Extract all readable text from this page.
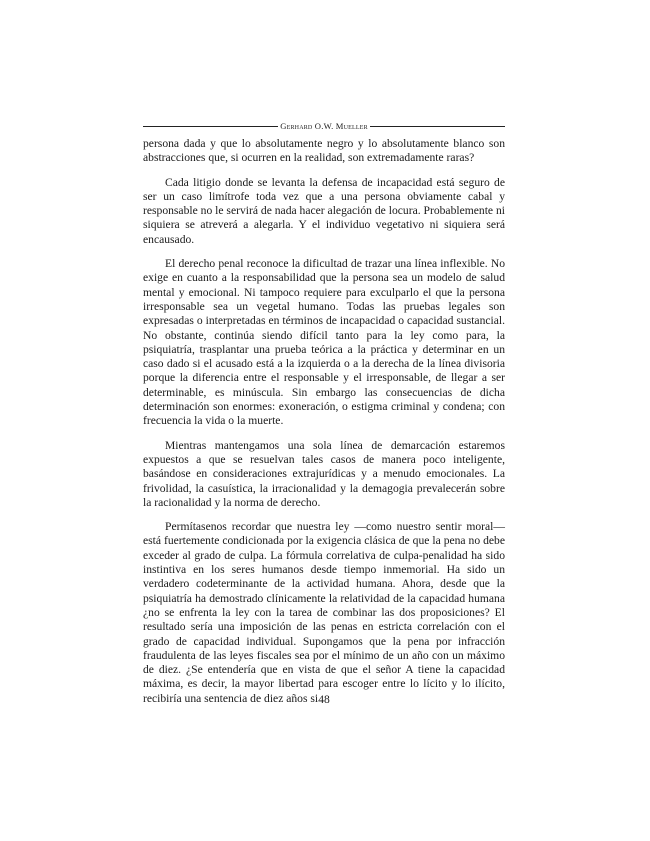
Gerhard O.W. Mueller

persona dada y que lo absolutamente negro y lo absolutamente blanco son abstracciones que, si ocurren en la realidad, son extremadamente raras?

Cada litigio donde se levanta la defensa de incapacidad está seguro de ser un caso limítrofe toda vez que a una persona obviamente cabal y responsable no le servirá de nada hacer alegación de locura. Probablemente ni siquiera se atreverá a alegarla. Y el individuo vegetativo ni siquiera será encausado.

El derecho penal reconoce la dificultad de trazar una línea inflexible. No exige en cuanto a la responsabilidad que la persona sea un modelo de salud mental y emocional. Ni tampoco requiere para exculparlo el que la persona irresponsable sea un vegetal humano. Todas las pruebas legales son expresadas o interpretadas en términos de incapacidad o capacidad sustancial. No obstante, continúa siendo difícil tanto para la ley como para, la psiquiatría, trasplantar una prueba teórica a la práctica y determinar en un caso dado si el acusado está a la izquierda o a la derecha de la línea divisoria porque la diferencia entre el responsable y el irresponsable, de llegar a ser determinable, es minúscula. Sin embargo las consecuencias de dicha determinación son enormes: exoneración, o estigma criminal y condena; con frecuencia la vida o la muerte.

Mientras mantengamos una sola línea de demarcación estaremos expuestos a que se resuelvan tales casos de manera poco inteligente, basándose en consideraciones extrajurídicas y a menudo emocionales. La frivolidad, la casuística, la irracionalidad y la demagogia prevalecerán sobre la racionalidad y la norma de derecho.

Permítasenos recordar que nuestra ley —como nuestro sentir moral— está fuertemente condicionada por la exigencia clásica de que la pena no debe exceder al grado de culpa. La fórmula correlativa de culpa-penalidad ha sido instintiva en los seres humanos desde tiempo inmemorial. Ha sido un verdadero codeterminante de la actividad humana. Ahora, desde que la psiquiatría ha demostrado clínicamente la relatividad de la capacidad humana ¿no se enfrenta la ley con la tarea de combinar las dos proposiciones? El resultado sería una imposición de las penas en estricta correlación con el grado de capacidad individual. Supongamos que la pena por infracción fraudulenta de las leyes fiscales sea por el mínimo de un año con un máximo de diez. ¿Se entendería que en vista de que el señor A tiene la capacidad máxima, es decir, la mayor libertad para escoger entre lo lícito y lo ilícito, recibiría una sentencia de diez años si 48
